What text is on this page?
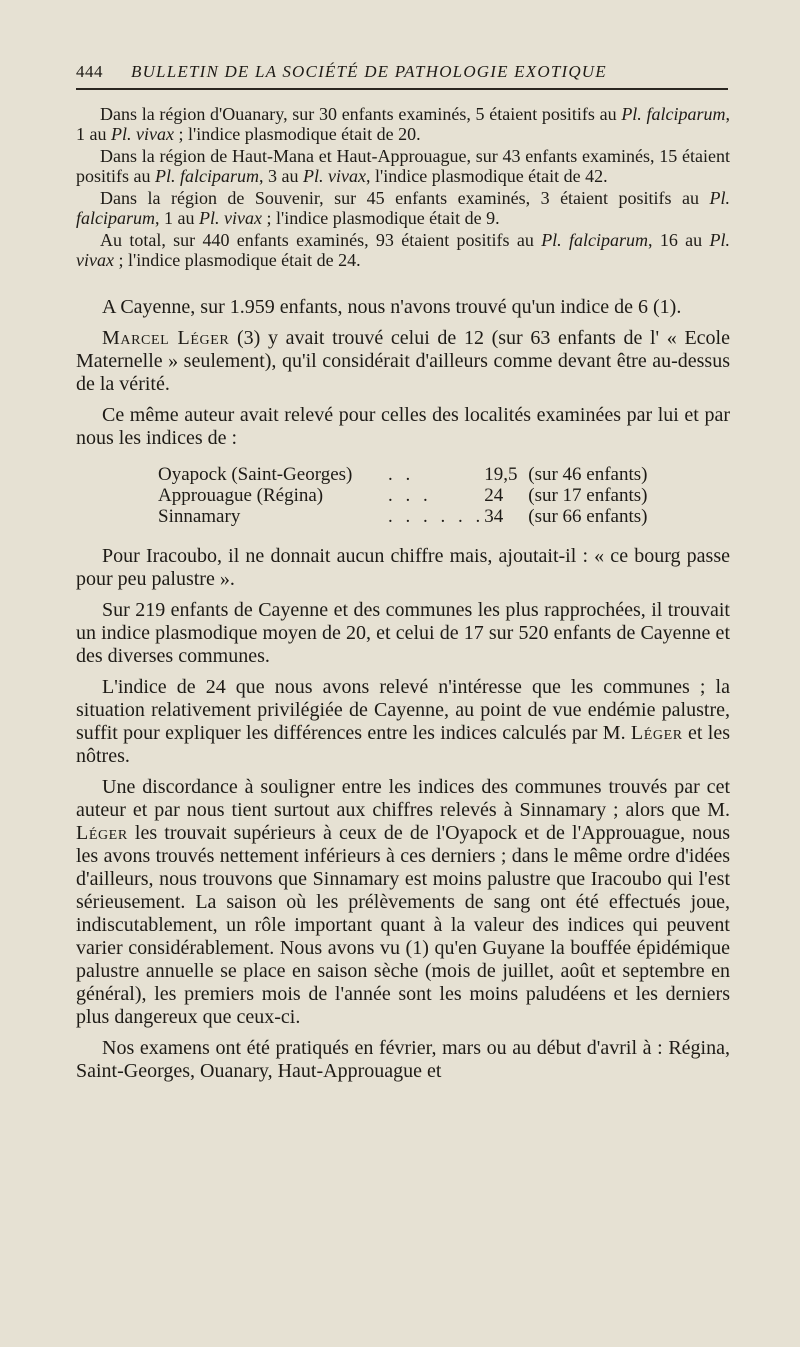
444 BULLETIN DE LA SOCIÉTÉ DE PATHOLOGIE EXOTIQUE

Dans la région d'Ouanary, sur 30 enfants examinés, 5 étaient positifs au Pl. falciparum, 1 au Pl. vivax ; l'indice plasmodique était de 20.

Dans la région de Haut-Mana et Haut-Approuague, sur 43 enfants examinés, 15 étaient positifs au Pl. falciparum, 3 au Pl. vivax, l'indice plasmodique était de 42.

Dans la région de Souvenir, sur 45 enfants examinés, 3 étaient positifs au Pl. falciparum, 1 au Pl. vivax ; l'indice plasmodique était de 9.

Au total, sur 440 enfants examinés, 93 étaient positifs au Pl. falciparum, 16 au Pl. vivax ; l'indice plasmodique était de 24.

A Cayenne, sur 1.959 enfants, nous n'avons trouvé qu'un indice de 6 (1).

Marcel Léger (3) y avait trouvé celui de 12 (sur 63 enfants de l' « Ecole Maternelle » seulement), qu'il considérait d'ailleurs comme devant être au-dessus de la vérité.

Ce même auteur avait relevé pour celles des localités examinées par lui et par nous les indices de :

Oyapock (Saint-Georges)	. .	19,5	(sur 46 enfants)
Approuague (Régina)	. . .	24	(sur 17 enfants)
Sinnamary	. . . . . .	34	(sur 66 enfants)

Pour Iracoubo, il ne donnait aucun chiffre mais, ajoutait-il : « ce bourg passe pour peu palustre ».

Sur 219 enfants de Cayenne et des communes les plus rapprochées, il trouvait un indice plasmodique moyen de 20, et celui de 17 sur 520 enfants de Cayenne et des diverses communes.

L'indice de 24 que nous avons relevé n'intéresse que les communes ; la situation relativement privilégiée de Cayenne, au point de vue endémie palustre, suffit pour expliquer les différences entre les indices calculés par M. Léger et les nôtres.

Une discordance à souligner entre les indices des communes trouvés par cet auteur et par nous tient surtout aux chiffres relevés à Sinnamary ; alors que M. Léger les trouvait supérieurs à ceux de de l'Oyapock et de l'Approuague, nous les avons trouvés nettement inférieurs à ces derniers ; dans le même ordre d'idées d'ailleurs, nous trouvons que Sinnamary est moins palustre que Iracoubo qui l'est sérieusement. La saison où les prélèvements de sang ont été effectués joue, indiscutablement, un rôle important quant à la valeur des indices qui peuvent varier considérablement. Nous avons vu (1) qu'en Guyane la bouffée épidémique palustre annuelle se place en saison sèche (mois de juillet, août et septembre en général), les premiers mois de l'année sont les moins paludéens et les derniers plus dangereux que ceux-ci.

Nos examens ont été pratiqués en février, mars ou au début d'avril à : Régina, Saint-Georges, Ouanary, Haut-Approuague et
